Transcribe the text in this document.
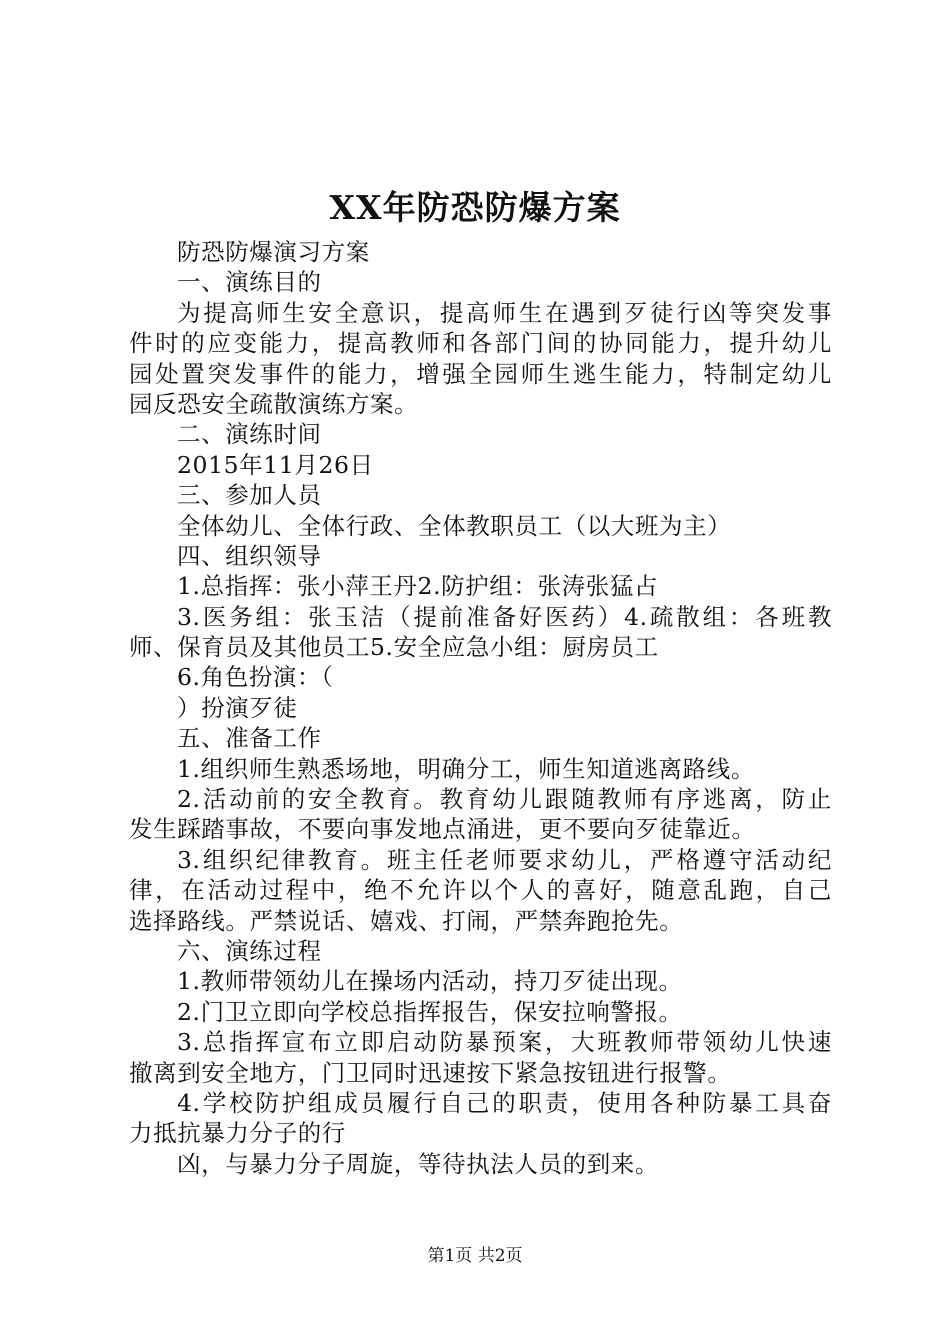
XX年防恐防爆方案
防恐防爆演习方案
一、演练目的
为提高师生安全意识，提高师生在遇到歹徒行凶等突发事
件时的应变能力，提高教师和各部门间的协同能力，提升幼儿
园处置突发事件的能力，增强全园师生逃生能力，特制定幼儿
园反恐安全疏散演练方案。
二、演练时间
2015年11月26日
三、参加人员
全体幼儿、全体行政、全体教职员工（以大班为主）
四、组织领导
1.总指挥：张小萍王丹2.防护组：张涛张猛占
3.医务组：张玉洁（提前准备好医药）4.疏散组：各班教
师、保育员及其他员工5.安全应急小组：厨房员工
6.角色扮演：（
）扮演歹徒
五、准备工作
1.组织师生熟悉场地，明确分工，师生知道逃离路线。
2.活动前的安全教育。教育幼儿跟随教师有序逃离，防止
发生踩踏事故，不要向事发地点涌进，更不要向歹徒靠近。
3.组织纪律教育。班主任老师要求幼儿，严格遵守活动纪
律，在活动过程中，绝不允许以个人的喜好，随意乱跑，自己
选择路线。严禁说话、嬉戏、打闹，严禁奔跑抢先。
六、演练过程
1.教师带领幼儿在操场内活动，持刀歹徒出现。
2.门卫立即向学校总指挥报告，保安拉响警报。
3.总指挥宣布立即启动防暴预案，大班教师带领幼儿快速
撤离到安全地方，门卫同时迅速按下紧急按钮进行报警。
4.学校防护组成员履行自己的职责，使用各种防暴工具奋
力抵抗暴力分子的行
凶，与暴力分子周旋，等待执法人员的到来。
第1页 共2页
